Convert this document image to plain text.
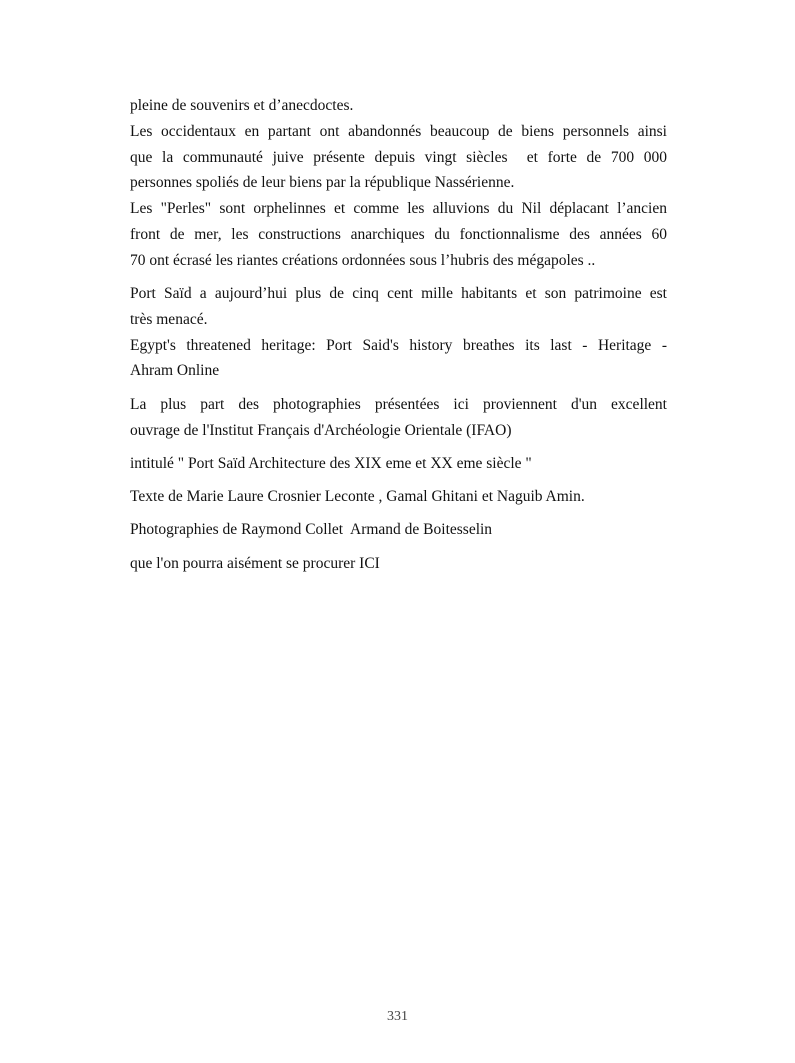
pleine de souvenirs et d’anecdoctes.
Les occidentaux en partant ont abandonnés beaucoup de biens personnels ainsi
que la communauté juive présente depuis vingt siècles  et forte de 700 000
personnes spoliés de leur biens par la république Nassérienne.
Les "Perles" sont orphelinnes et comme les alluvions du Nil déplacant l’ancien
front de mer, les constructions anarchiques du fonctionnalisme des années 60
70 ont écrasé les riantes créations ordonnées sous l’hubris des mégapoles ..
Port Saïd a aujourd’hui plus de cinq cent mille habitants et son patrimoine est
très menacé.
Egypt's threatened heritage: Port Said's history breathes its last - Heritage -
Ahram Online
La plus part des photographies présentées ici proviennent d'un excellent
ouvrage de l'Institut Français d'Archéologie Orientale (IFAO)
intitulé " Port Saïd Architecture des XIX eme et XX eme siècle "
Texte de Marie Laure Crosnier Leconte , Gamal Ghitani et Naguib Amin.
Photographies de Raymond Collet  Armand de Boitesselin
que l'on pourra aisément se procurer ICI
331
